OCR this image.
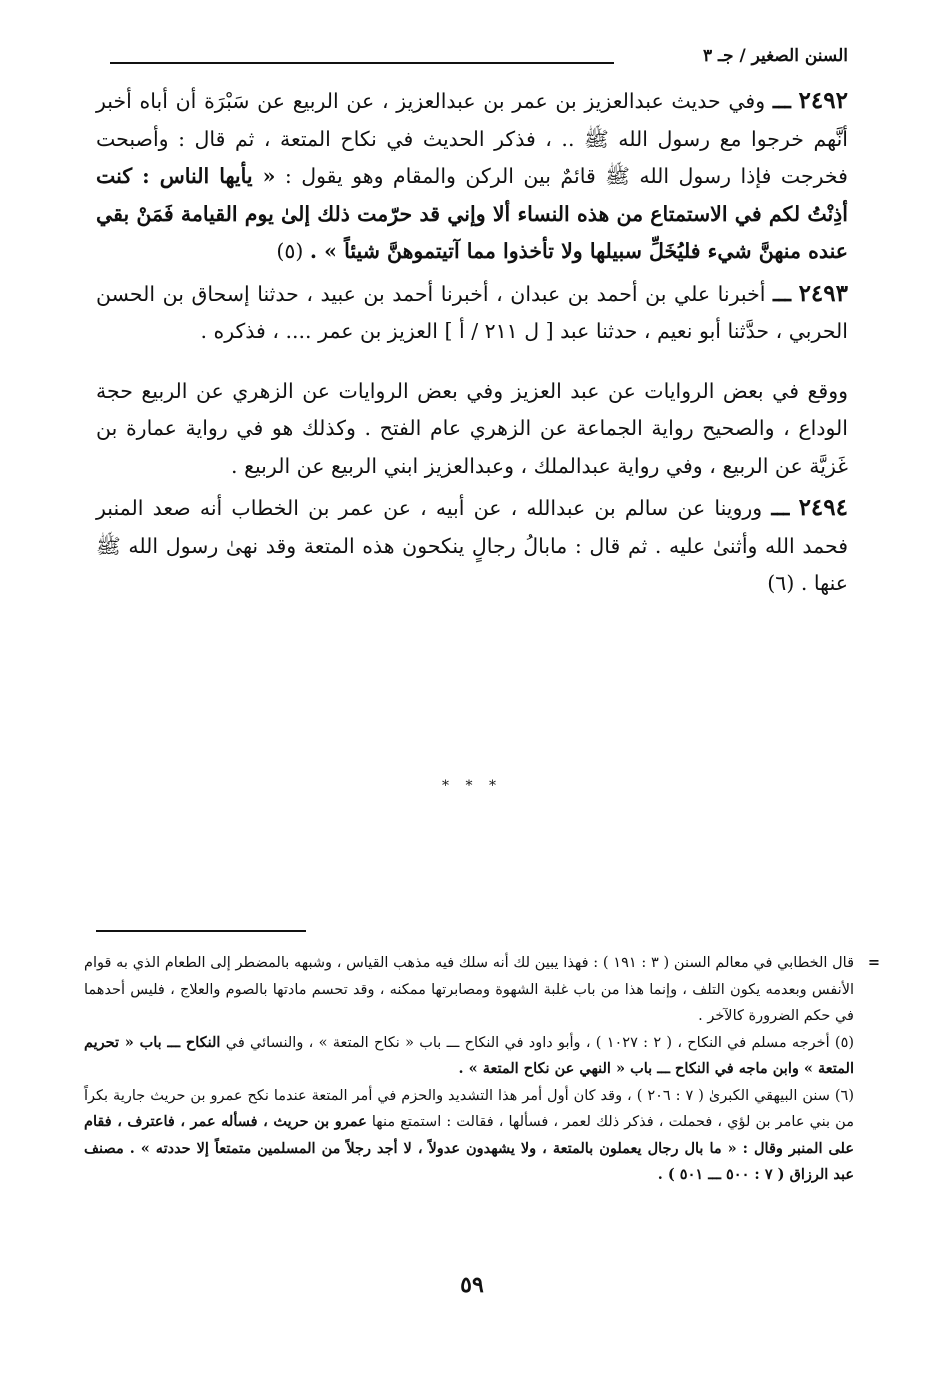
السنن الصغير / جـ ٣

٢٤٩٢ ـــ وفي حديث عبدالعزيز بن عمر بن عبدالعزيز ، عن الربيع عن سَبْرَة أن أباه أخبر أنَّهم خرجوا مع رسول الله ﷺ .. ، فذكر الحديث في نكاح المتعة ، ثم قال : وأصبحت فخرجت فإذا رسول الله ﷺ قائمٌ بين الركن والمقام وهو يقول : « يأيها الناس : كنت أذِنْتُ لكم في الاستمتاع من هذه النساء ألا وإني قد حرّمت ذلك إلىٰ يوم القيامة فَمَنْ بقي عنده منهنَّ شيء فليُخَلِّ سبيلها ولا تأخذوا مما آتيتموهنَّ شيئاً » . (٥)

٢٤٩٣ ـــ أخبرنا علي بن أحمد بن عبدان ، أخبرنا أحمد بن عبيد ، حدثنا إسحاق بن الحسن الحربي ، حدَّثنا أبو نعيم ، حدثنا عبد [ ل ٢١١ / أ ] العزيز بن عمر .... ، فذكره .

ووقع في بعض الروايات عن عبد العزيز وفي بعض الروايات عن الزهري عن الربيع حجة الوداع ، والصحيح رواية الجماعة عن الزهري عام الفتح . وكذلك هو في رواية عمارة بن غَزيَّة عن الربيع ، وفي رواية عبدالملك ، وعبدالعزيز ابني الربيع عن الربيع .

٢٤٩٤ ـــ وروينا عن سالم بن عبدالله ، عن أبيه ، عن عمر بن الخطاب أنه صعد المنبر فحمد الله وأثنىٰ عليه . ثم قال : مابالُ رجالٍ ينكحون هذه المتعة وقد نهىٰ رسول الله ﷺ عنها . (٦)

* * *

=
قال الخطابي في معالم السنن ( ٣ : ١٩١ ) : فهذا يبين لك أنه سلك فيه مذهب القياس ، وشبهه بالمضطر إلى الطعام الذي به قوام الأنفس وبعدمه يكون التلف ، وإنما هذا من باب غلبة الشهوة ومصابرتها ممكنه ، وقد تحسم مادتها بالصوم والعلاج ، فليس أحدهما في حكم الضرورة كالآخر .

(٥) أخرجه مسلم في النكاح ، ( ٢ : ١٠٢٧ ) ، وأبو داود في النكاح ـــ باب « نكاح المتعة » ، والنسائي في النكاح ـــ باب « تحريم المتعة » وابن ماجه في النكاح ـــ باب « النهي عن نكاح المتعة » .

(٦) سنن البيهقي الكبرىٰ ( ٧ : ٢٠٦ ) ، وقد كان أول أمر هذا التشديد والحزم في أمر المتعة عندما نكح عمرو بن حريث جارية بكراً من بني عامر بن لؤي ، فحملت ، فذكر ذلك لعمر ، فسألها ، فقالت : استمتع منها عمرو بن حريث ، فسأله عمر ، فاعترف ، فقام على المنبر وقال : « ما بال رجال يعملون بالمتعة ، ولا يشهدون عدولاً ، لا أجد رجلاً من المسلمين متمتعاً إلا حددته » . مصنف عبد الرزاق ( ٧ : ٥٠٠ ـــ ٥٠١ ) .

٥٩
